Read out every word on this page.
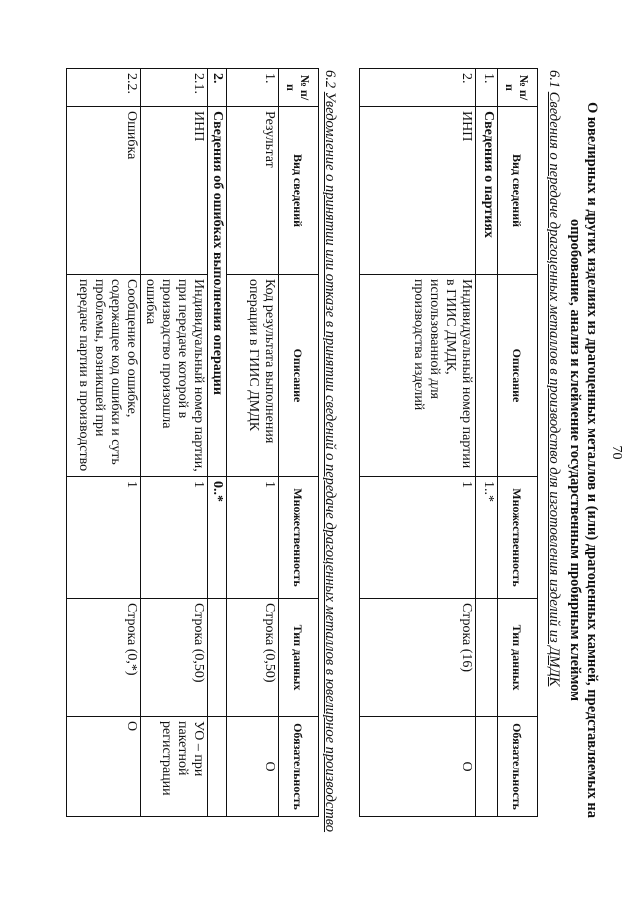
70
О ювелирных и других изделиях из драгоценных металлов и (или) драгоценных камней, представляемых на опробование, анализ и клеймение государственным пробирным клеймом
6.1 Сведения о передаче драгоценных металлов в производство для изготовления изделий из ДМДК
№ п/п	Вид сведений	Описание	Множественность	Тип данных	Обязательность
1.	Сведения о партиях		1..*		
2.	ИНП	Индивидуальный номер партии в ГИИС ДМДК, использованной для производства изделий	1	Строка (16)	О
6.2 Уведомление о принятии или отказе в принятии сведений о передаче драгоценных металлов в ювелирное производство
№ п/п	Вид сведений	Описание	Множественность	Тип данных	Обязательность
1.	Результат	Код результата выполнения операции в ГИИС ДМДК	1	Строка (0,50)	О
2.	Сведения об ошибках выполнения операции		0..*		
2.1.	ИНП	Индивидуальный номер партии, при передаче которой в производство произошла ошибка	1	Строка (0,50)	УО – при пакетной регистрации
2.2.	Ошибка	Сообщение об ошибке, содержащее код ошибки и суть проблемы, возникшей при передаче партии в производство	1	Строка (0,*)	О
